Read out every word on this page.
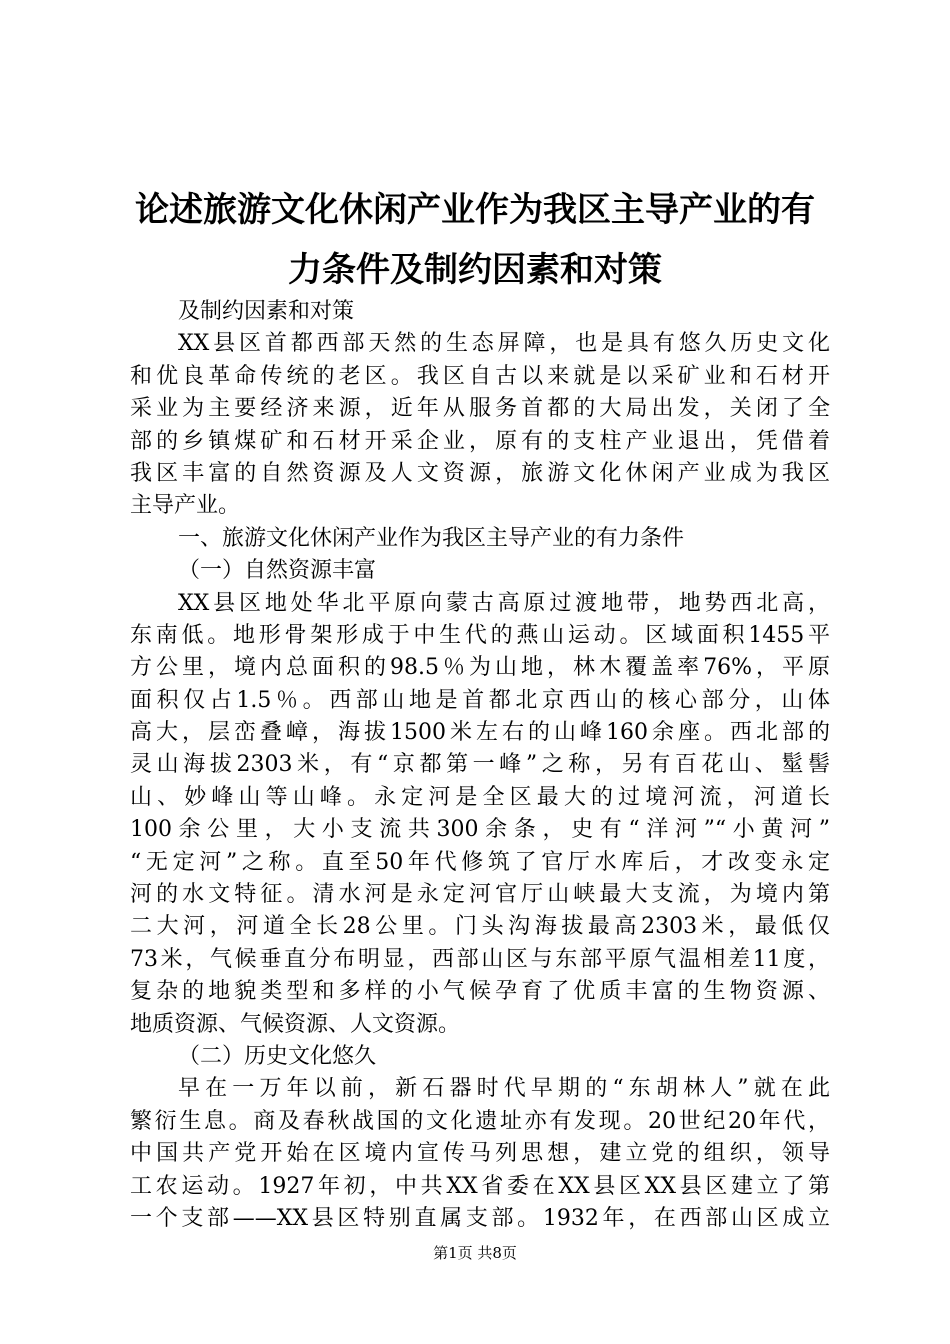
论述旅游文化休闲产业作为我区主导产业的有
力条件及制约因素和对策
及制约因素和对策
XX县区首都西部天然的生态屏障，也是具有悠久历史文化
和优良革命传统的老区。我区自古以来就是以采矿业和石材开
采业为主要经济来源，近年从服务首都的大局出发，关闭了全
部的乡镇煤矿和石材开采企业，原有的支柱产业退出，凭借着
我区丰富的自然资源及人文资源，旅游文化休闲产业成为我区
主导产业。
一、旅游文化休闲产业作为我区主导产业的有力条件
（一）自然资源丰富
XX县区地处华北平原向蒙古高原过渡地带，地势西北高，
东南低。地形骨架形成于中生代的燕山运动。区域面积1455平
方公里，境内总面积的98.5％为山地，林木覆盖率76%，平原
面积仅占1.5％。西部山地是首都北京西山的核心部分，山体
高大，层峦叠嶂，海拔1500米左右的山峰160余座。西北部的
灵山海拔2303米，有“京都第一峰”之称，另有百花山、髽髻
山、妙峰山等山峰。永定河是全区最大的过境河流，河道长
100余公里，大小支流共300余条，史有“洋河”“小黄河”
“无定河”之称。直至50年代修筑了官厅水库后，才改变永定
河的水文特征。清水河是永定河官厅山峡最大支流，为境内第
二大河，河道全长28公里。门头沟海拔最高2303米，最低仅
73米，气候垂直分布明显，西部山区与东部平原气温相差11度，
复杂的地貌类型和多样的小气候孕育了优质丰富的生物资源、
地质资源、气候资源、人文资源。
（二）历史文化悠久
早在一万年以前，新石器时代早期的“东胡林人”就在此
繁衍生息。商及春秋战国的文化遗址亦有发现。20世纪20年代，
中国共产党开始在区境内宣传马列思想，建立党的组织，领导
工农运动。1927年初，中共XX省委在XX县区XX县区建立了第
一个支部——XX县区特别直属支部。1932年，在西部山区成立
第1页 共8页
